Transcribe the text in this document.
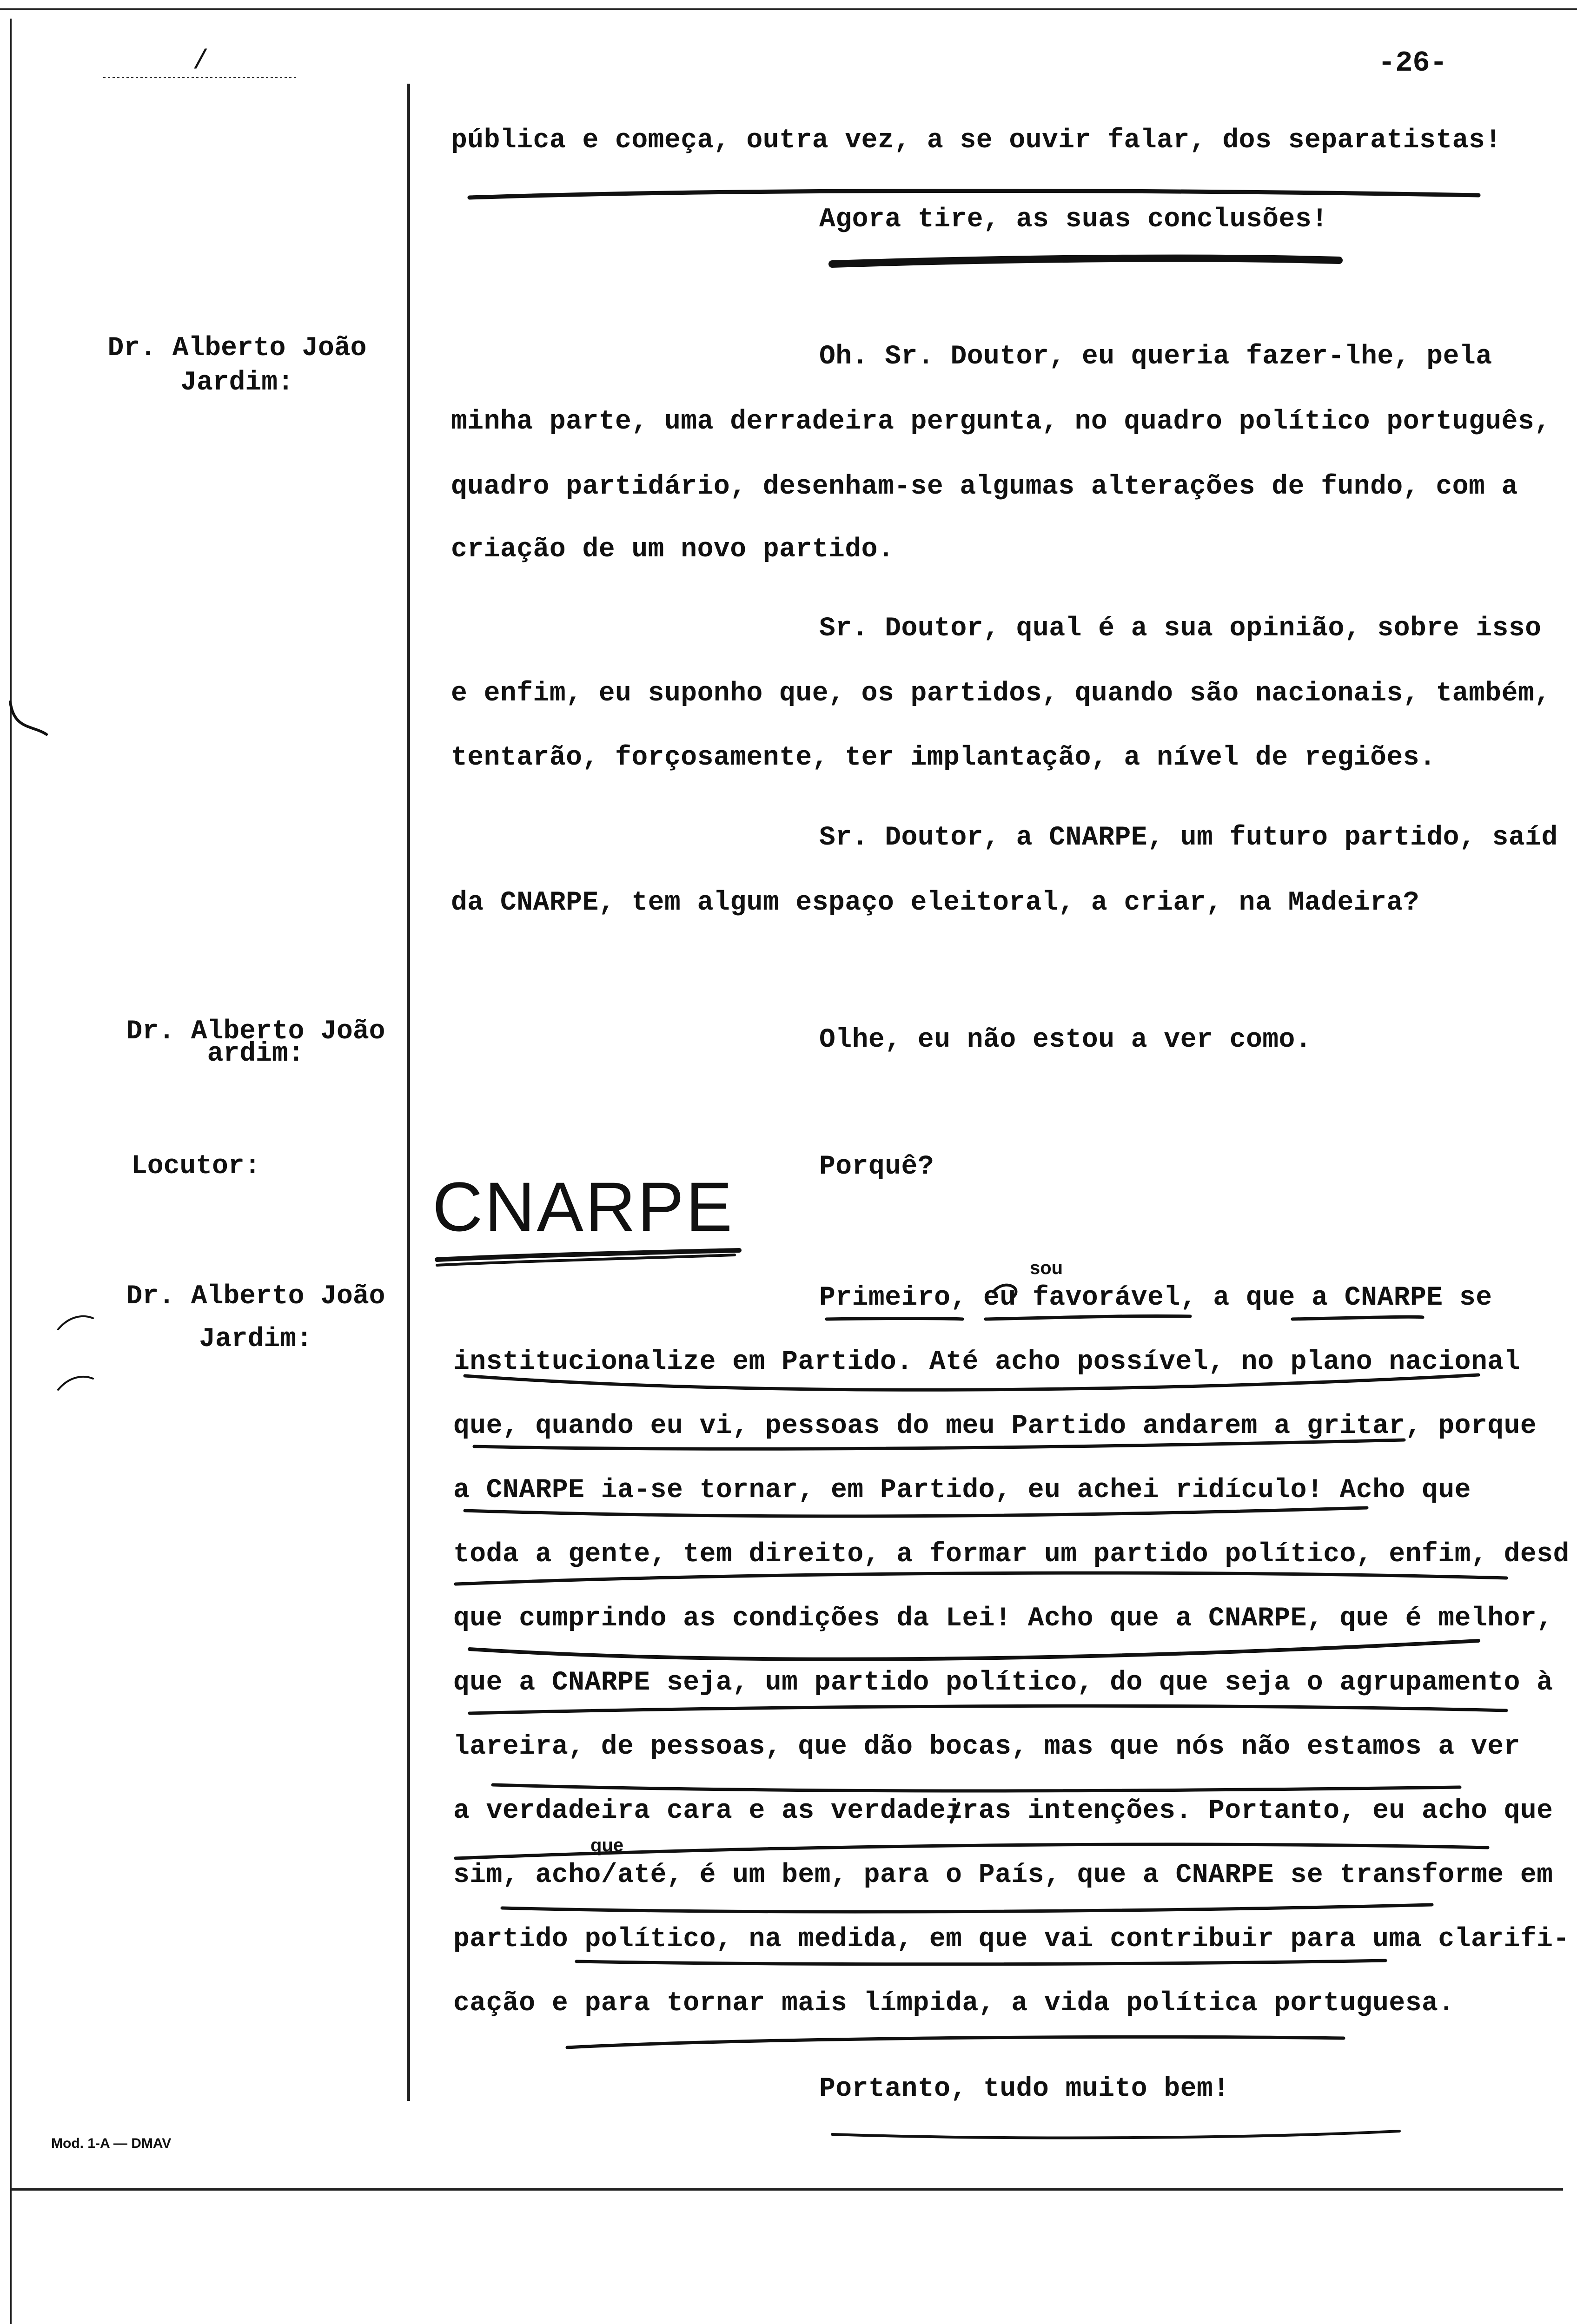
/	-26-
Dr. Alberto João
Jardim:
Dr. Alberto João
ardim:
Locutor:
Dr. Alberto João
Jardim:
pública e começa, outra vez, a se ouvir falar, dos separatistas!
Agora tire, as suas conclusões!
Oh. Sr. Doutor, eu queria fazer-lhe, pela
minha parte, uma derradeira pergunta, no quadro político português,
quadro partidário, desenham-se algumas alterações de fundo, com a
criação de um novo partido.
Sr. Doutor, qual é a sua opinião, sobre isso
e enfim, eu suponho que, os partidos, quando são nacionais, também,
tentarão, forçosamente, ter implantação, a nível de regiões.
Sr. Doutor, a CNARPE, um futuro partido, saíd
da CNARPE, tem algum espaço eleitoral, a criar, na Madeira?
Olhe, eu não estou a ver como.
Porquê?
Primeiro, eu favorável, a que a CNARPE se
institucionalize em Partido. Até acho possível, no plano nacional
que, quando eu vi, pessoas do meu Partido andarem a gritar, porque
a CNARPE ia-se tornar, em Partido, eu achei ridículo! Acho que
toda a gente, tem direito, a formar um partido político, enfim, desd
que cumprindo as condições da Lei! Acho que a CNARPE, que é melhor,
que a CNARPE seja, um partido político, do que seja o agrupamento à
lareira, de pessoas, que dão bocas, mas que nós não estamos a ver
a verdadeira cara e as verdadeiras intenções. Portanto, eu acho que
sim, acho/até, é um bem, para o País, que a CNARPE se transforme em
partido político, na medida, em que vai contribuir para uma clarifi-
cação e para tornar mais límpida, a vida política portuguesa.
Portanto, tudo muito bem!
CNARPE
sou
que
Mod. 1-A — DMAV
